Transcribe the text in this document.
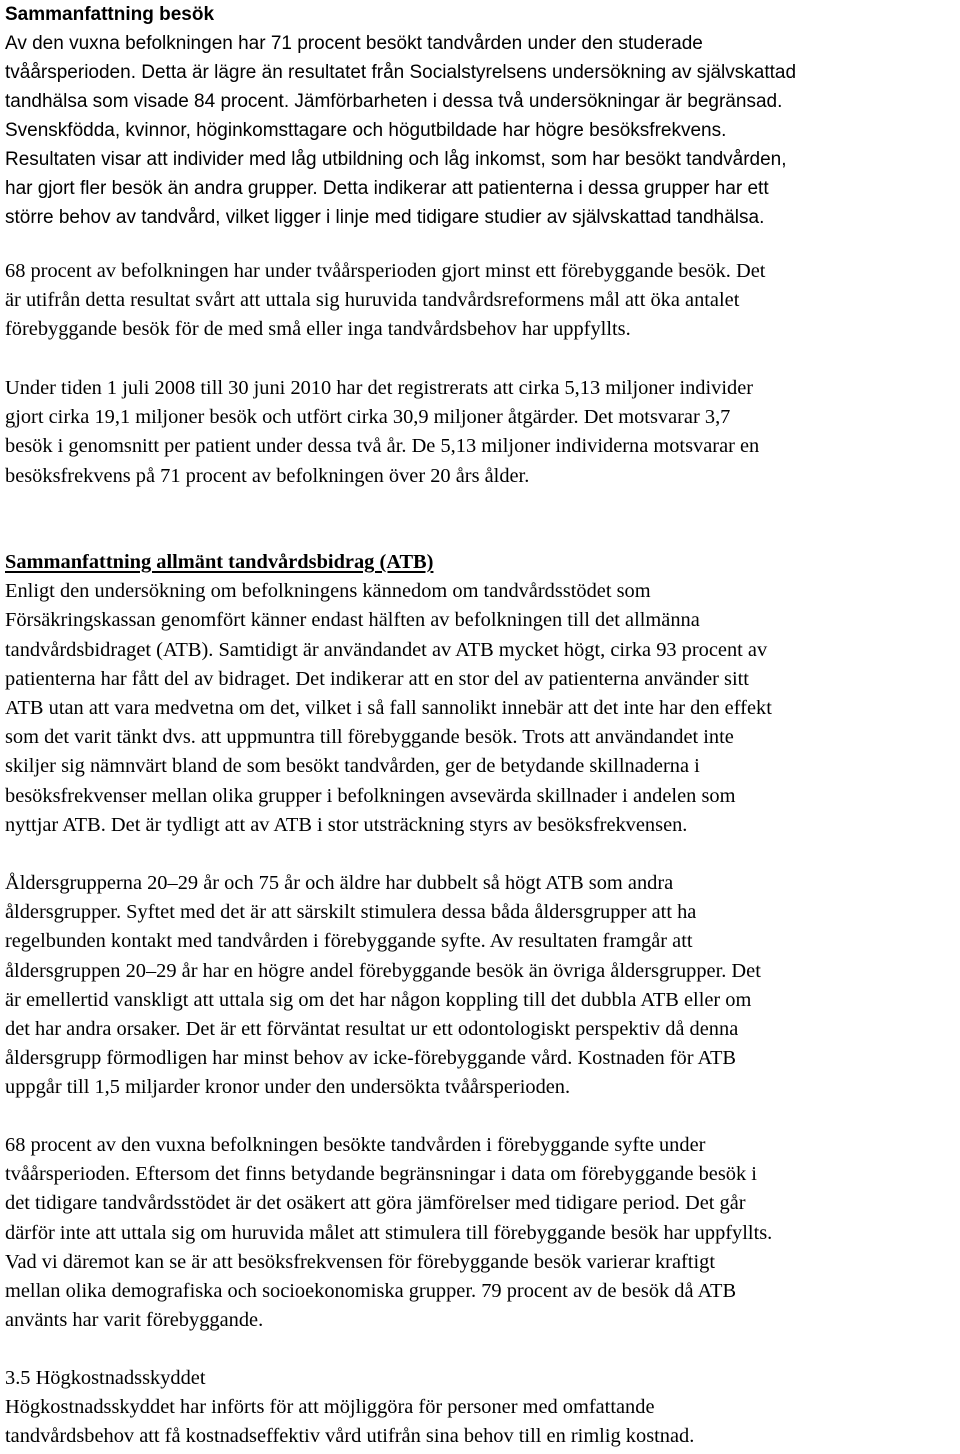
Sammanfattning besök
Av den vuxna befolkningen har 71 procent besökt tandvården under den studerade
tvåårsperioden. Detta är lägre än resultatet från Socialstyrelsens undersökning av självskattad
tandhälsa som visade 84 procent. Jämförbarheten i dessa två undersökningar är begränsad.
Svenskfödda, kvinnor, höginkomsttagare och högutbildade har högre besöksfrekvens.
Resultaten visar att individer med låg utbildning och låg inkomst, som har besökt tandvården,
har gjort fler besök än andra grupper. Detta indikerar att patienterna i dessa grupper har ett
större behov av tandvård, vilket ligger i linje med tidigare studier av självskattad tandhälsa.
68 procent av befolkningen har under tvåårsperioden gjort minst ett förebyggande besök. Det
är utifrån detta resultat svårt att uttala sig huruvida tandvårdsreformens mål att öka antalet
förebyggande besök för de med små eller inga tandvårdsbehov har uppfyllts.
Under tiden 1 juli 2008 till 30 juni 2010 har det registrerats att cirka 5,13 miljoner individer
gjort cirka 19,1 miljoner besök och utfört cirka 30,9 miljoner åtgärder. Det motsvarar 3,7
besök i genomsnitt per patient under dessa två år. De 5,13 miljoner individerna motsvarar en
besöksfrekvens på 71 procent av befolkningen över 20 års ålder.
Sammanfattning allmänt tandvårdsbidrag (ATB)
Enligt den undersökning om befolkningens kännedom om tandvårdsstödet som
Försäkringskassan genomfört känner endast hälften av befolkningen till det allmänna
tandvårdsbidraget (ATB). Samtidigt är användandet av ATB mycket högt, cirka 93 procent av
patienterna har fått del av bidraget. Det indikerar att en stor del av patienterna använder sitt
ATB utan att vara medvetna om det, vilket i så fall sannolikt innebär att det inte har den effekt
som det varit tänkt dvs. att uppmuntra till förebyggande besök. Trots att användandet inte
skiljer sig nämnvärt bland de som besökt tandvården, ger de betydande skillnaderna i
besöksfrekvenser mellan olika grupper i befolkningen avsevärda skillnader i andelen som
nyttjar ATB. Det är tydligt att av ATB i stor utsträckning styrs av besöksfrekvensen.
Åldersgrupperna 20–29 år och 75 år och äldre har dubbelt så högt ATB som andra
åldersgrupper. Syftet med det är att särskilt stimulera dessa båda åldersgrupper att ha
regelbunden kontakt med tandvården i förebyggande syfte. Av resultaten framgår att
åldersgruppen 20–29 år har en högre andel förebyggande besök än övriga åldersgrupper. Det
är emellertid vanskligt att uttala sig om det har någon koppling till det dubbla ATB eller om
det har andra orsaker. Det är ett förväntat resultat ur ett odontologiskt perspektiv då denna
åldersgrupp förmodligen har minst behov av icke-förebyggande vård. Kostnaden för ATB
uppgår till 1,5 miljarder kronor under den undersökta tvåårsperioden.
68 procent av den vuxna befolkningen besökte tandvården i förebyggande syfte under
tvåårsperioden. Eftersom det finns betydande begränsningar i data om förebyggande besök i
det tidigare tandvårdsstödet är det osäkert att göra jämförelser med tidigare period. Det går
därför inte att uttala sig om huruvida målet att stimulera till förebyggande besök har uppfyllts.
Vad vi däremot kan se är att besöksfrekvensen för förebyggande besök varierar kraftigt
mellan olika demografiska och socioekonomiska grupper. 79 procent av de besök då ATB
använts har varit förebyggande.
3.5 Högkostnadsskyddet
Högkostnadsskyddet har införts för att möjliggöra för personer med omfattande
tandvårdsbehov att få kostnadseffektiv vård utifrån sina behov till en rimlig kostnad.
